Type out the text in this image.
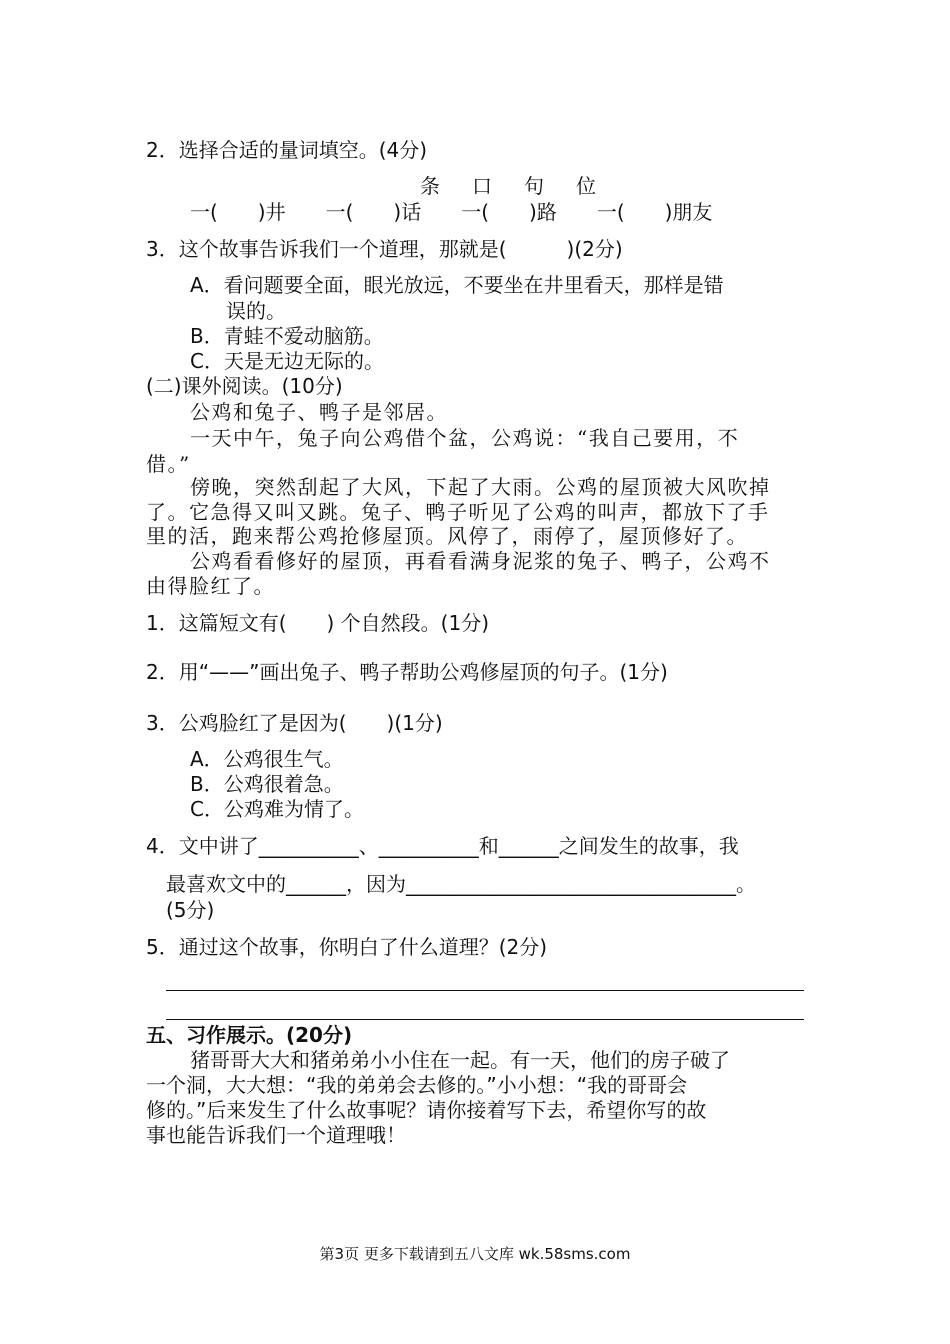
2．选择合适的量词填空。(4分)
条　口　句　位
一(　　)井　　一(　　)话　　一(　　)路　　一(　　)朋友
3．这个故事告诉我们一个道理，那就是(　　　)(2分)
A．看问题要全面，眼光放远，不要坐在井里看天，那样是错
误的。
B．青蛙不爱动脑筋。
C．天是无边无际的。
(二)课外阅读。(10分)
公鸡和兔子、鸭子是邻居。
一天中午，兔子向公鸡借个盆，公鸡说：“我自己要用，不
借。”
傍晚，突然刮起了大风，下起了大雨。公鸡的屋顶被大风吹掉
了。它急得又叫又跳。兔子、鸭子听见了公鸡的叫声，都放下了手
里的活，跑来帮公鸡抢修屋顶。风停了，雨停了，屋顶修好了。
公鸡看看修好的屋顶，再看看满身泥浆的兔子、鸭子，公鸡不
由得脸红了。
1．这篇短文有(　　) 个自然段。(1分)
2．用“——”画出兔子、鸭子帮助公鸡修屋顶的句子。(1分)
3．公鸡脸红了是因为(　　)(1分)
A．公鸡很生气。
B．公鸡很着急。
C．公鸡难为情了。
4．文中讲了__________、__________和______之间发生的故事，我
最喜欢文中的______，因为_________________________________。
(5分)
5．通过这个故事，你明白了什么道理？(2分)
五、习作展示。(20分)
猪哥哥大大和猪弟弟小小住在一起。有一天，他们的房子破了
一个洞，大大想：“我的弟弟会去修的。”小小想：“我的哥哥会
修的。”后来发生了什么故事呢？请你接着写下去，希望你写的故
事也能告诉我们一个道理哦！
第3页 更多下载请到五八文库 wk.58sms.com
